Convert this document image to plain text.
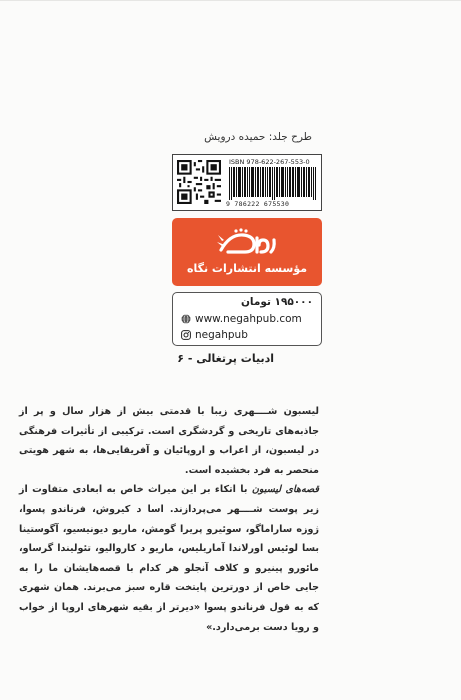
طرح جلد: حمیده درویش
ISBN 978-622-267-553-0
9 786222 675530
مؤسسه انتشارات نگاه
۱۹۵۰۰۰ تومان
www.negahpub.com
negahpub
ادبیات پرتغالی - ۶

لیسبون شــــهری زیبا با قدمتی بیش از هزار سال و پر از جاذبه‌های تاریخی و گردشگری است. ترکیبی از تأثیرات فرهنگی در لیسبون، از اعراب و اروپائیان و آفریقایی‌ها، به شهر هویتی منحصر به فرد بخشیده است.

قصه‌های لیسبون با اتکاء بر این میراث خاص به ابعادی متفاوت از زیر پوست شــــهر می‌پردازند. اسا د کیروش، فرناندو پسوا، ژوزه ساراماگو، سوئیرو پریرا گومش، ماریو دیونیسیو، آگوستینا بسا لوئیس اورلاندا آماریلیس، ماریو د کاروالیو، تئولیندا گرساو، مائورو پینیرو و کلاف آنجلو هر کدام با قصه‌هایشان ما را به جایی خاص از دورترین پایتخت قاره سبز می‌برند. همان شهری که به قول فرناندو پسوا «دیرتر از بقیه شهرهای اروپا از خواب و رویا دست برمی‌دارد.»
